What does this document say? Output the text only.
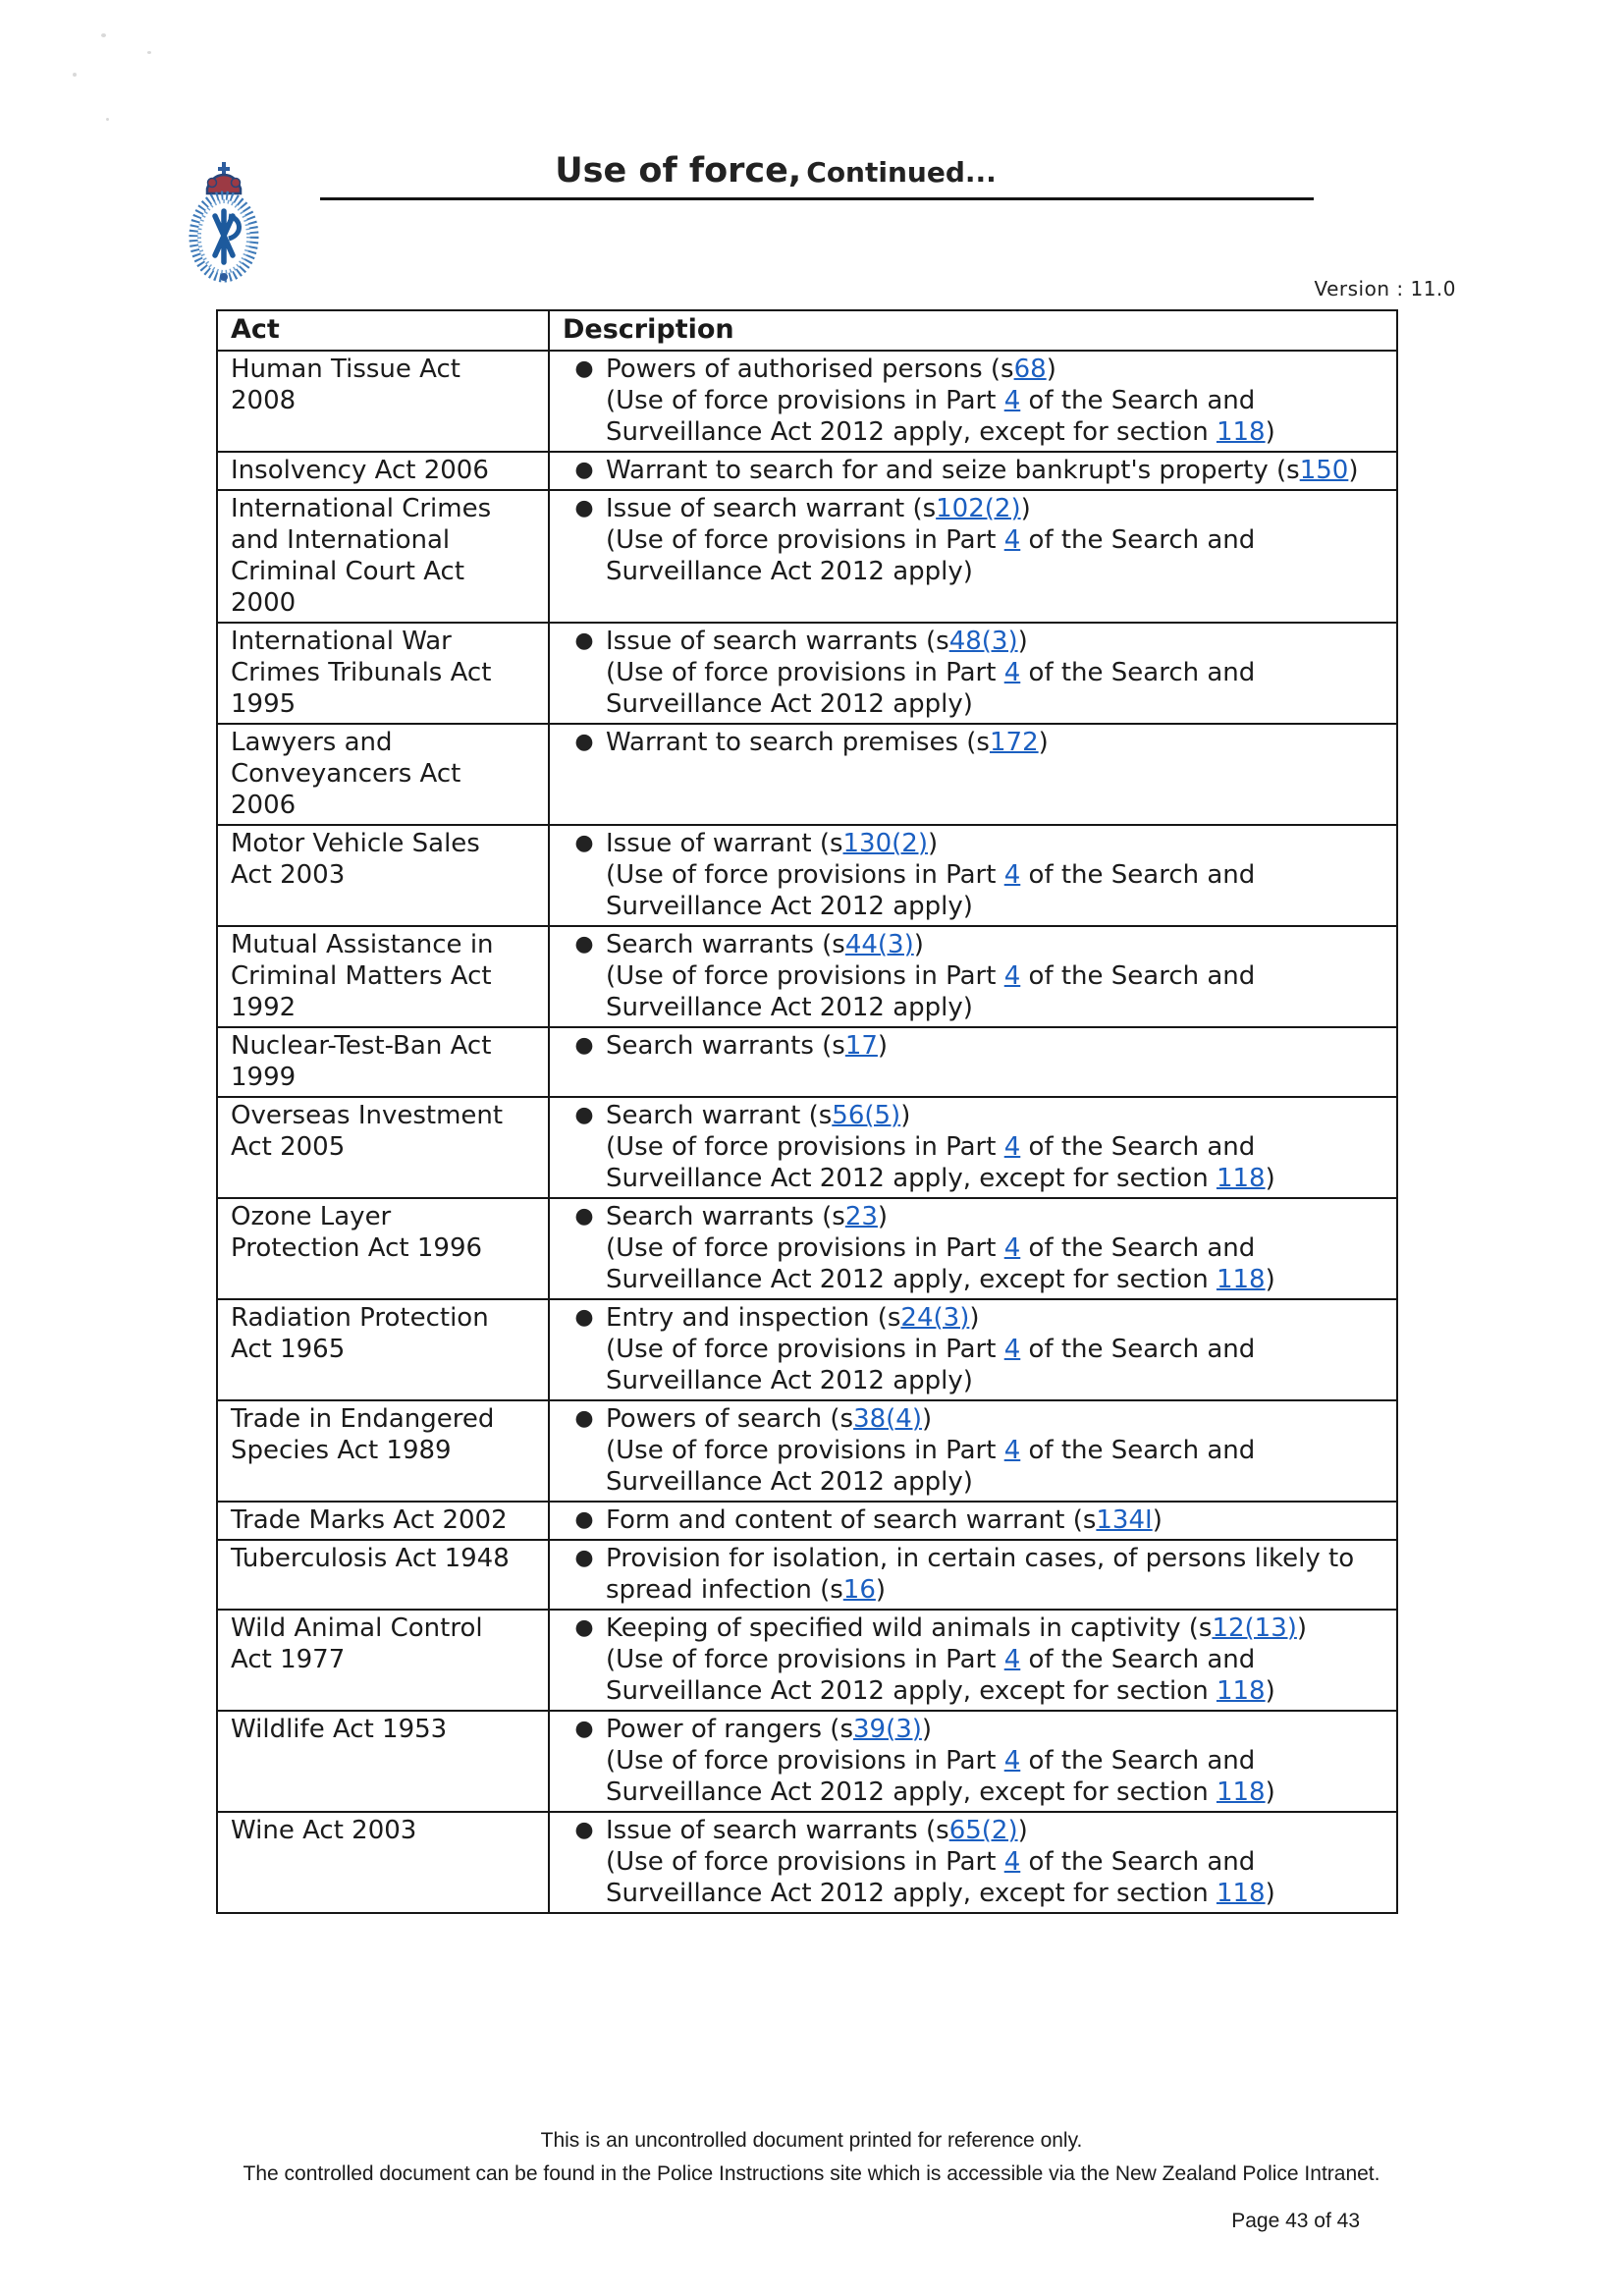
Use of force, Continued...
Version : 11.0
Act	Description
Human Tissue Act
2008	● Powers of authorised persons (s68)
(Use of force provisions in Part 4 of the Search and
Surveillance Act 2012 apply, except for section 118)

Insolvency Act 2006	● Warrant to search for and seize bankrupt's property (s150)

International Crimes
and International
Criminal Court Act
2000	● Issue of search warrant (s102(2))
(Use of force provisions in Part 4 of the Search and
Surveillance Act 2012 apply)

International War
Crimes Tribunals Act
1995	● Issue of search warrants (s48(3))
(Use of force provisions in Part 4 of the Search and
Surveillance Act 2012 apply)

Lawyers and
Conveyancers Act
2006	● Warrant to search premises (s172)

Motor Vehicle Sales
Act 2003	● Issue of warrant (s130(2))
(Use of force provisions in Part 4 of the Search and
Surveillance Act 2012 apply)

Mutual Assistance in
Criminal Matters Act
1992	● Search warrants (s44(3))
(Use of force provisions in Part 4 of the Search and
Surveillance Act 2012 apply)

Nuclear-Test-Ban Act
1999	● Search warrants (s17)

Overseas Investment
Act 2005	● Search warrant (s56(5))
(Use of force provisions in Part 4 of the Search and
Surveillance Act 2012 apply, except for section 118)

Ozone Layer
Protection Act 1996	● Search warrants (s23)
(Use of force provisions in Part 4 of the Search and
Surveillance Act 2012 apply, except for section 118)

Radiation Protection
Act 1965	● Entry and inspection (s24(3))
(Use of force provisions in Part 4 of the Search and
Surveillance Act 2012 apply)

Trade in Endangered
Species Act 1989	● Powers of search (s38(4))
(Use of force provisions in Part 4 of the Search and
Surveillance Act 2012 apply)

Trade Marks Act 2002	● Form and content of search warrant (s134I)

Tuberculosis Act 1948	● Provision for isolation, in certain cases, of persons likely to
spread infection (s16)

Wild Animal Control
Act 1977	● Keeping of specified wild animals in captivity (s12(13))
(Use of force provisions in Part 4 of the Search and
Surveillance Act 2012 apply, except for section 118)

Wildlife Act 1953	● Power of rangers (s39(3))
(Use of force provisions in Part 4 of the Search and
Surveillance Act 2012 apply, except for section 118)

Wine Act 2003	● Issue of search warrants (s65(2))
(Use of force provisions in Part 4 of the Search and
Surveillance Act 2012 apply, except for section 118)
This is an uncontrolled document printed for reference only.
The controlled document can be found in the Police Instructions site which is accessible via the New Zealand Police Intranet.
Page 43 of 43
